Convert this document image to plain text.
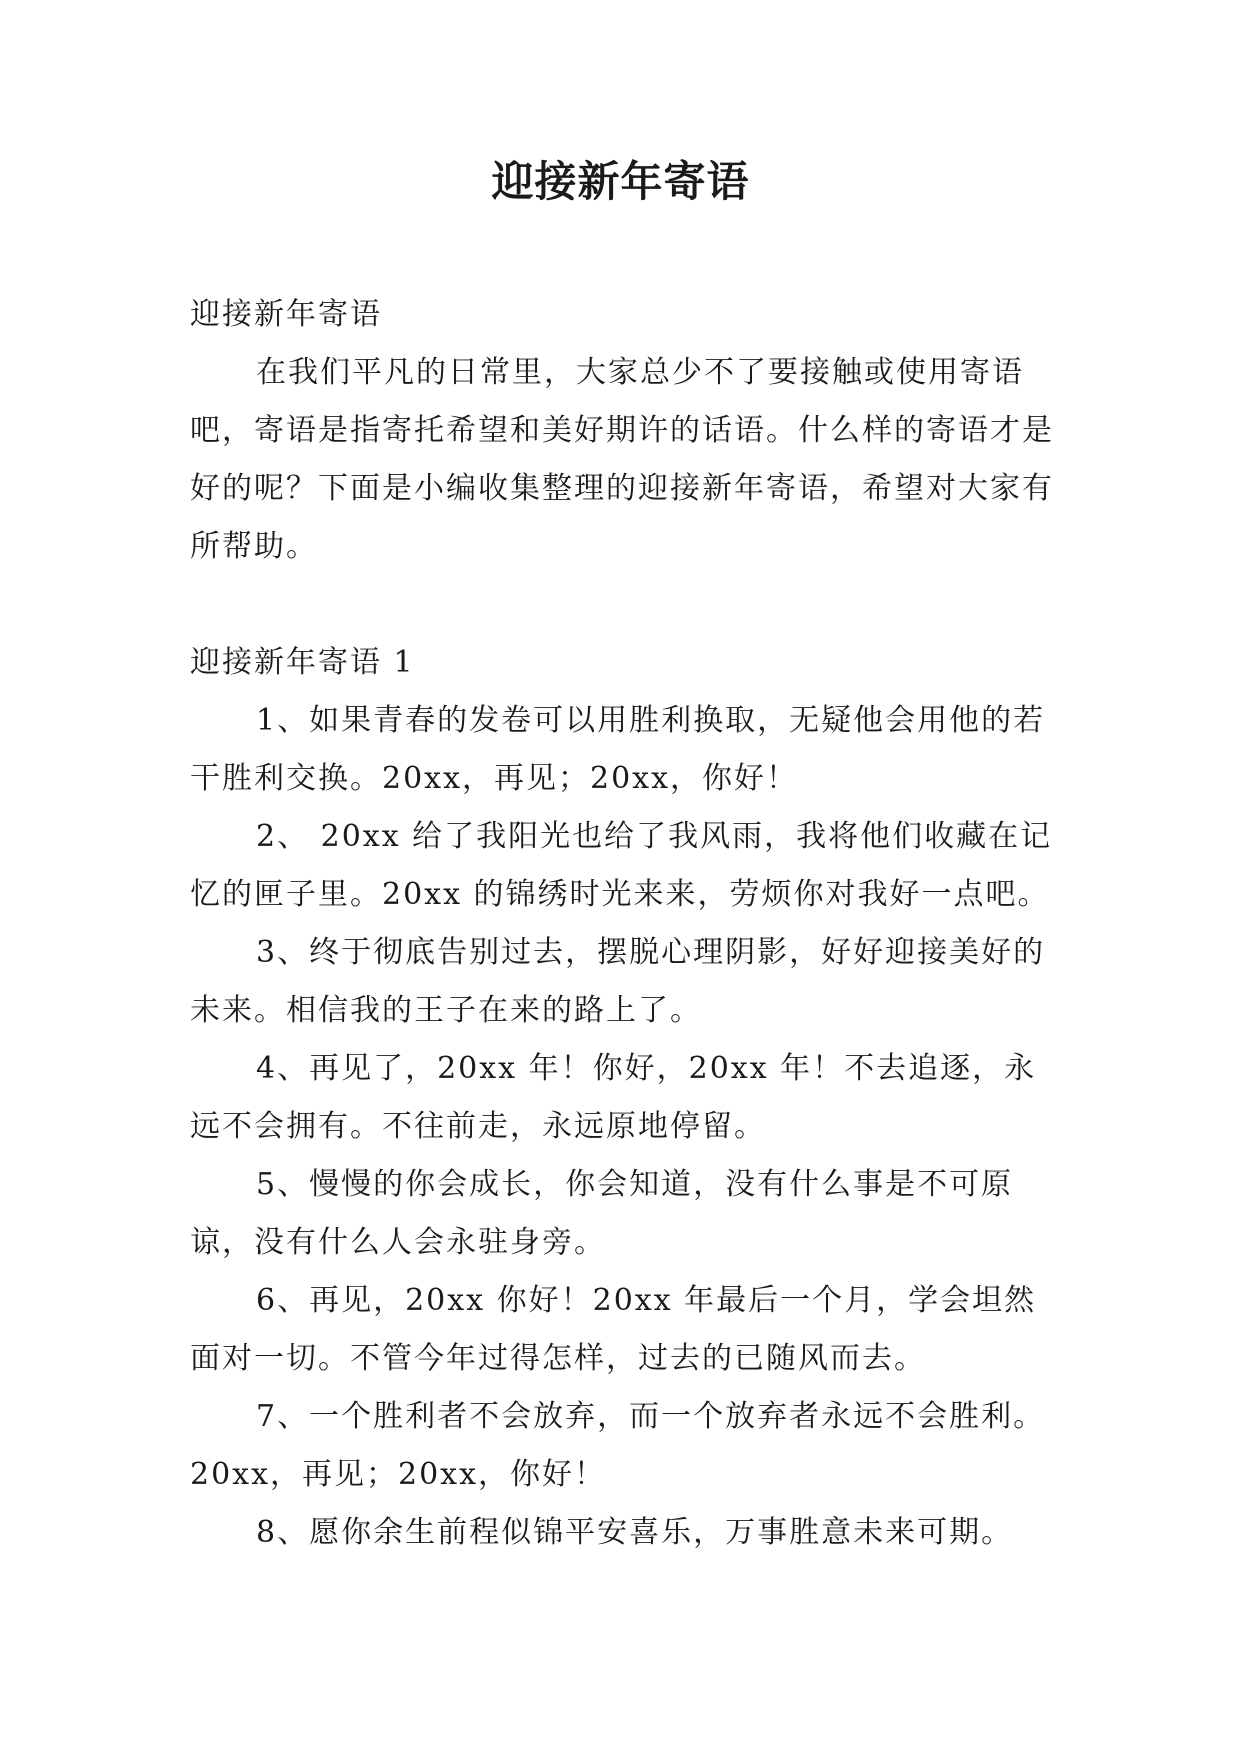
迎接新年寄语

迎接新年寄语

在我们平凡的日常里，大家总少不了要接触或使用寄语吧，寄语是指寄托希望和美好期许的话语。什么样的寄语才是好的呢？下面是小编收集整理的迎接新年寄语，希望对大家有所帮助。

迎接新年寄语 1

1、如果青春的发卷可以用胜利换取，无疑他会用他的若干胜利交换。20xx，再见；20xx，你好！

2、 20xx 给了我阳光也给了我风雨，我将他们收藏在记忆的匣子里。20xx 的锦绣时光来来，劳烦你对我好一点吧。

3、终于彻底告别过去，摆脱心理阴影，好好迎接美好的未来。相信我的王子在来的路上了。

4、再见了，20xx 年！你好，20xx 年！不去追逐，永远不会拥有。不往前走，永远原地停留。

5、慢慢的你会成长，你会知道，没有什么事是不可原谅，没有什么人会永驻身旁。

6、再见，20xx 你好！20xx 年最后一个月，学会坦然面对一切。不管今年过得怎样，过去的已随风而去。

7、一个胜利者不会放弃，而一个放弃者永远不会胜利。20xx，再见；20xx，你好！

8、愿你余生前程似锦平安喜乐，万事胜意未来可期。
